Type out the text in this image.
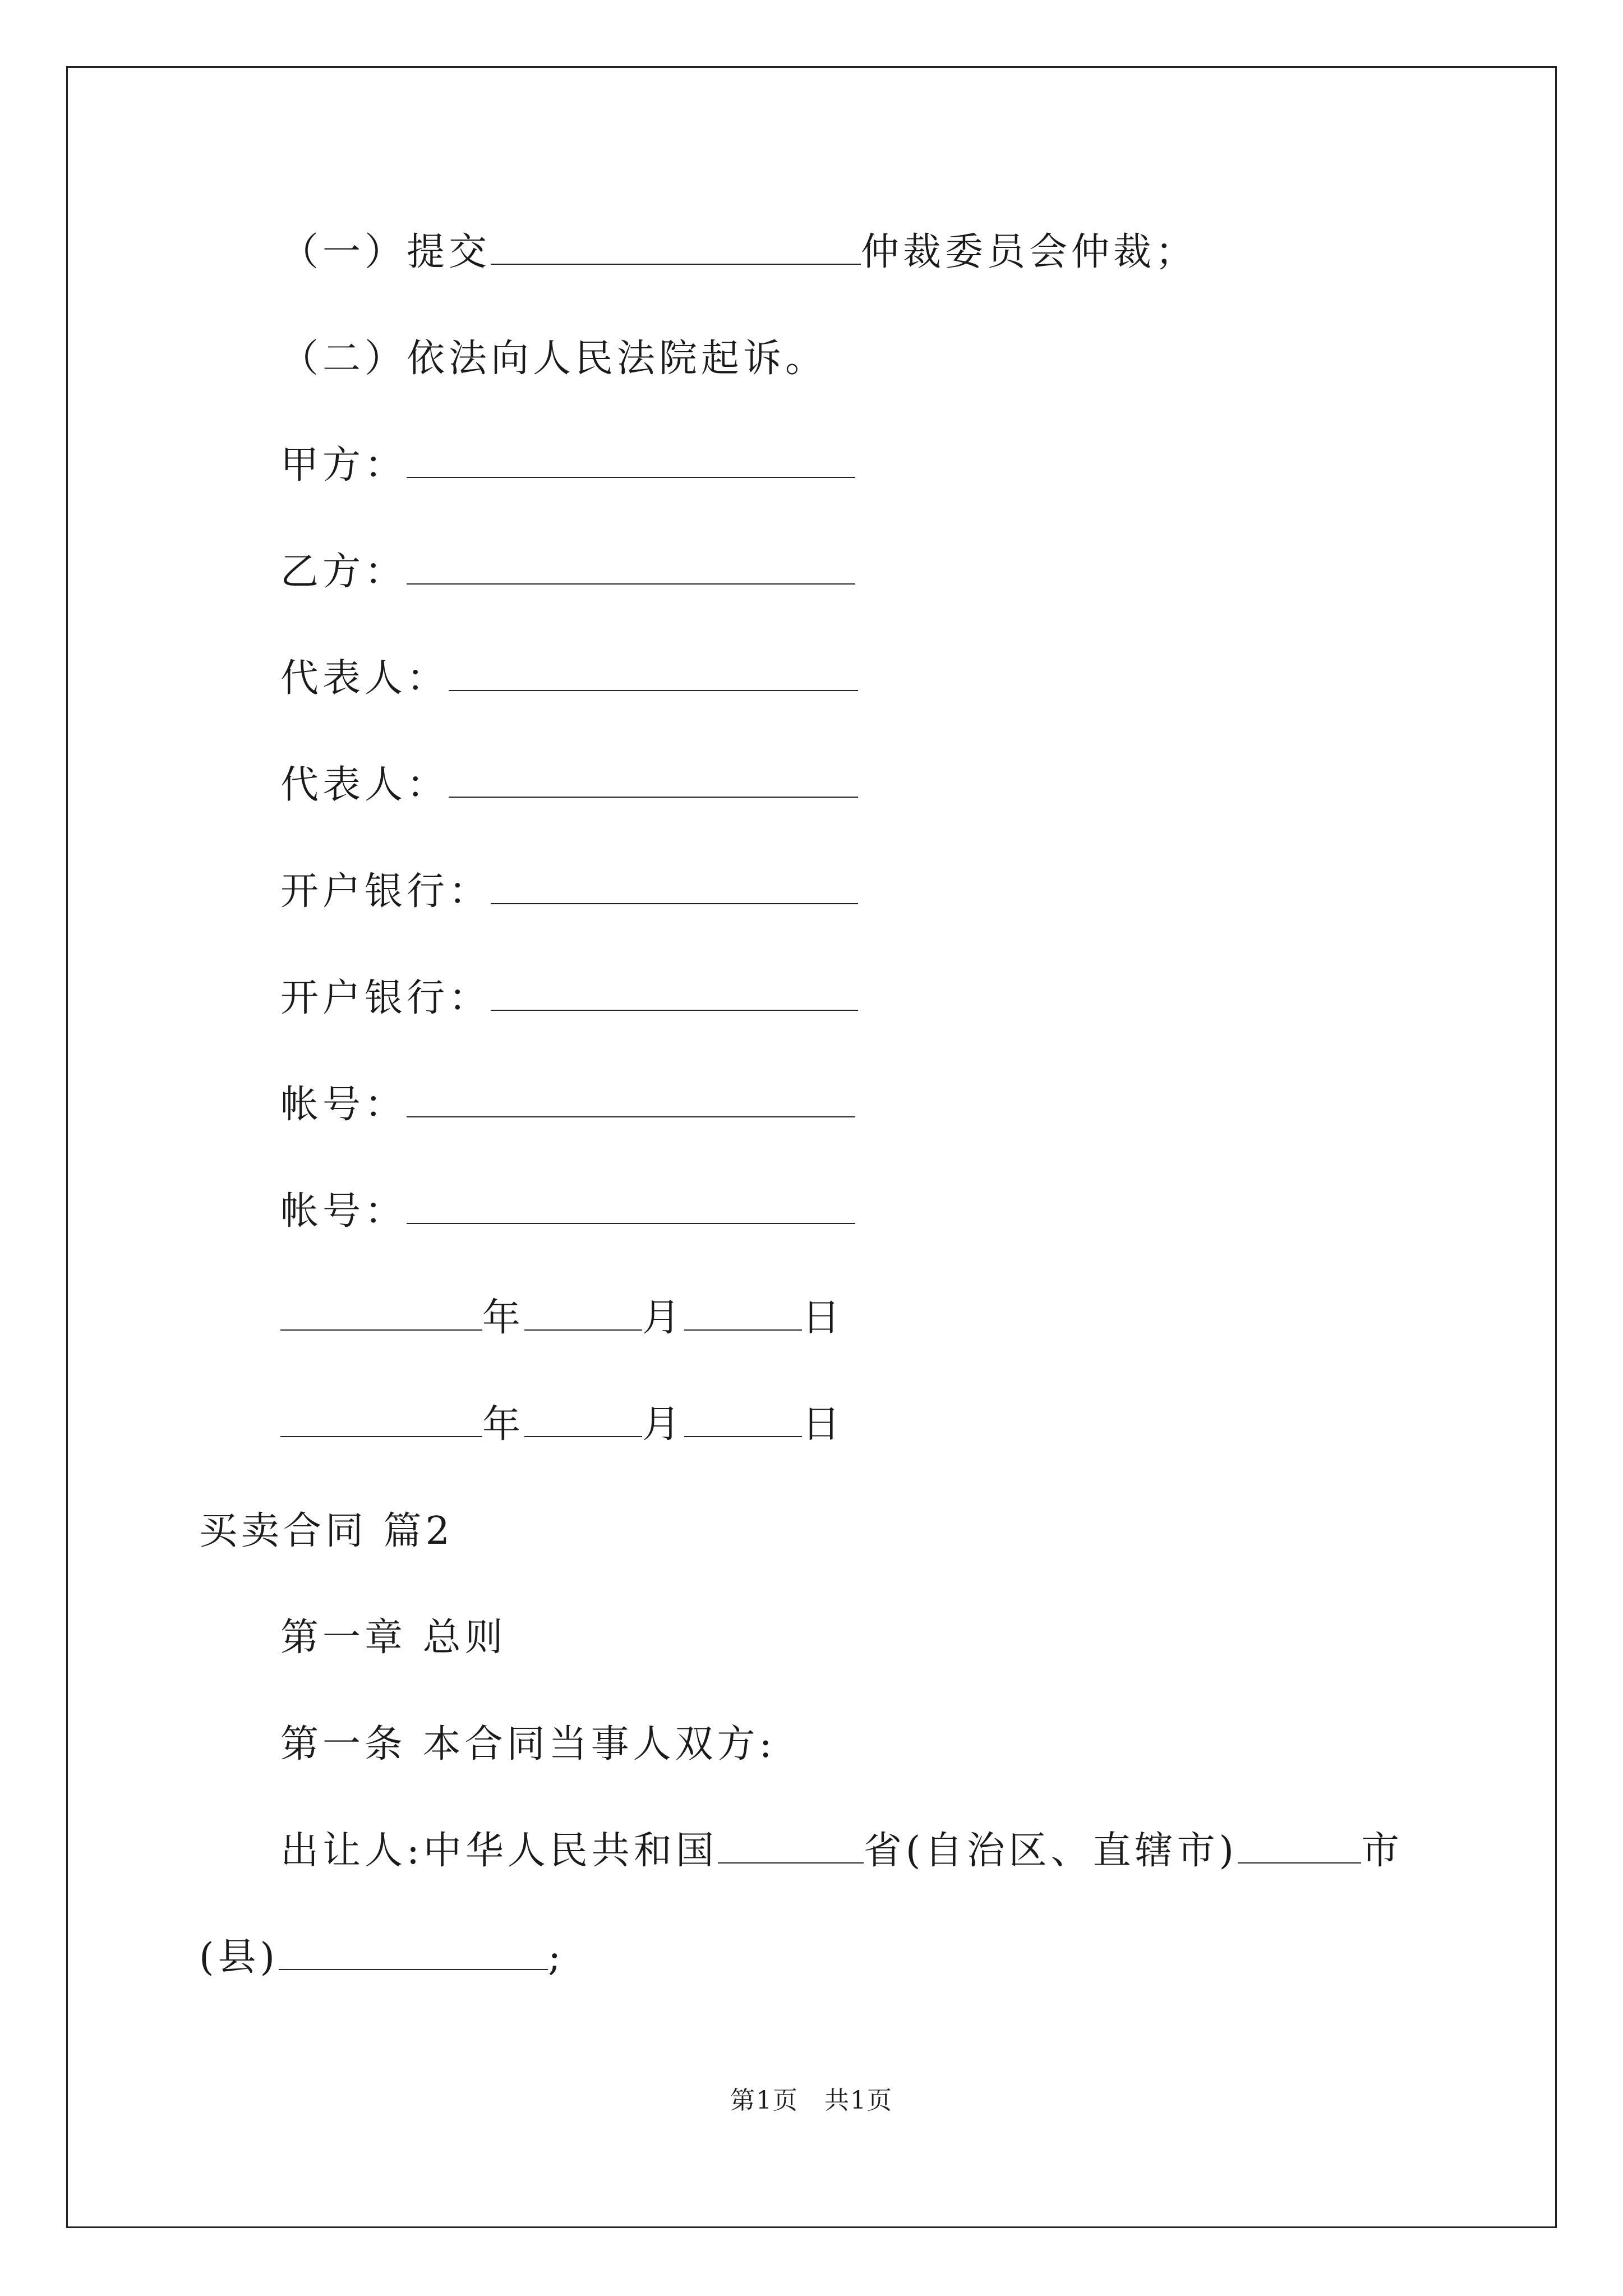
（一）提交	仲裁委员会仲裁；
（二）依法向人民法院起诉。
甲方：
乙方：
代表人：
代表人：
开户银行：
开户银行：
帐号：
帐号：
年	月	日
年	月	日
买卖合同 篇2
第一章 总则
第一条 本合同当事人双方:
出让人:中华人民共和国	省(自治区、直辖市)	市
(县)	;
第1页　共1页
